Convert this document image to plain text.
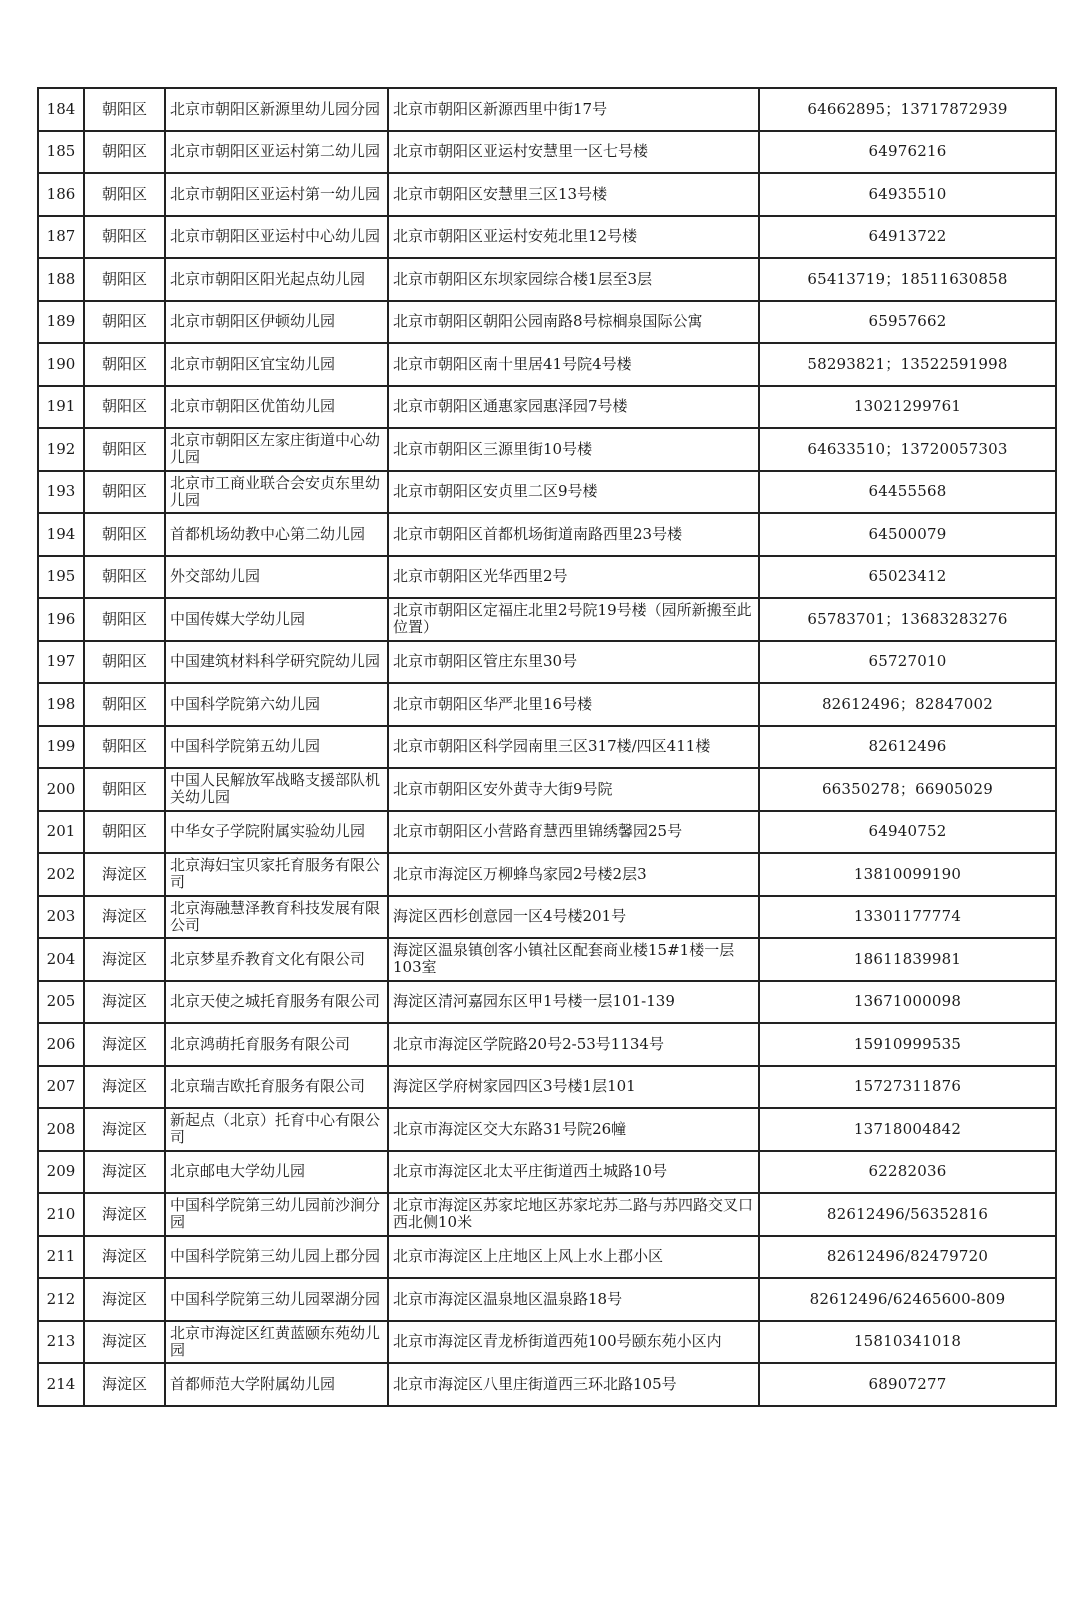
184	朝阳区	北京市朝阳区新源里幼儿园分园	北京市朝阳区新源西里中街17号	64662895；13717872939
185	朝阳区	北京市朝阳区亚运村第二幼儿园	北京市朝阳区亚运村安慧里一区七号楼	64976216
186	朝阳区	北京市朝阳区亚运村第一幼儿园	北京市朝阳区安慧里三区13号楼	64935510
187	朝阳区	北京市朝阳区亚运村中心幼儿园	北京市朝阳区亚运村安苑北里12号楼	64913722
188	朝阳区	北京市朝阳区阳光起点幼儿园	北京市朝阳区东坝家园综合楼1层至3层	65413719；18511630858
189	朝阳区	北京市朝阳区伊顿幼儿园	北京市朝阳区朝阳公园南路8号棕榈泉国际公寓	65957662
190	朝阳区	北京市朝阳区宜宝幼儿园	北京市朝阳区南十里居41号院4号楼	58293821；13522591998
191	朝阳区	北京市朝阳区优笛幼儿园	北京市朝阳区通惠家园惠泽园7号楼	13021299761
192	朝阳区	北京市朝阳区左家庄街道中心幼儿园	北京市朝阳区三源里街10号楼	64633510；13720057303
193	朝阳区	北京市工商业联合会安贞东里幼儿园	北京市朝阳区安贞里二区9号楼	64455568
194	朝阳区	首都机场幼教中心第二幼儿园	北京市朝阳区首都机场街道南路西里23号楼	64500079
195	朝阳区	外交部幼儿园	北京市朝阳区光华西里2号	65023412
196	朝阳区	中国传媒大学幼儿园	北京市朝阳区定福庄北里2号院19号楼（园所新搬至此位置）	65783701；13683283276
197	朝阳区	中国建筑材料科学研究院幼儿园	北京市朝阳区管庄东里30号	65727010
198	朝阳区	中国科学院第六幼儿园	北京市朝阳区华严北里16号楼	82612496；82847002
199	朝阳区	中国科学院第五幼儿园	北京市朝阳区科学园南里三区317楼/四区411楼	82612496
200	朝阳区	中国人民解放军战略支援部队机关幼儿园	北京市朝阳区安外黄寺大街9号院	66350278；66905029
201	朝阳区	中华女子学院附属实验幼儿园	北京市朝阳区小营路育慧西里锦绣馨园25号	64940752
202	海淀区	北京海妇宝贝家托育服务有限公司	北京市海淀区万柳蜂鸟家园2号楼2层3	13810099190
203	海淀区	北京海融慧泽教育科技发展有限公司	海淀区西杉创意园一区4号楼201号	13301177774
204	海淀区	北京梦星乔教育文化有限公司	海淀区温泉镇创客小镇社区配套商业楼15#1楼一层103室	18611839981
205	海淀区	北京天使之城托育服务有限公司	海淀区清河嘉园东区甲1号楼一层101-139	13671000098
206	海淀区	北京鸿萌托育服务有限公司	北京市海淀区学院路20号2-53号1134号	15910999535
207	海淀区	北京瑞吉欧托育服务有限公司	海淀区学府树家园四区3号楼1层101	15727311876
208	海淀区	新起点（北京）托育中心有限公司	北京市海淀区交大东路31号院26幢	13718004842
209	海淀区	北京邮电大学幼儿园	北京市海淀区北太平庄街道西土城路10号	62282036
210	海淀区	中国科学院第三幼儿园前沙涧分园	北京市海淀区苏家坨地区苏家坨苏二路与苏四路交叉口西北侧10米	82612496/56352816
211	海淀区	中国科学院第三幼儿园上郡分园	北京市海淀区上庄地区上风上水上郡小区	82612496/82479720
212	海淀区	中国科学院第三幼儿园翠湖分园	北京市海淀区温泉地区温泉路18号	82612496/62465600-809
213	海淀区	北京市海淀区红黄蓝颐东苑幼儿园	北京市海淀区青龙桥街道西苑100号颐东苑小区内	15810341018
214	海淀区	首都师范大学附属幼儿园	北京市海淀区八里庄街道西三环北路105号	68907277
